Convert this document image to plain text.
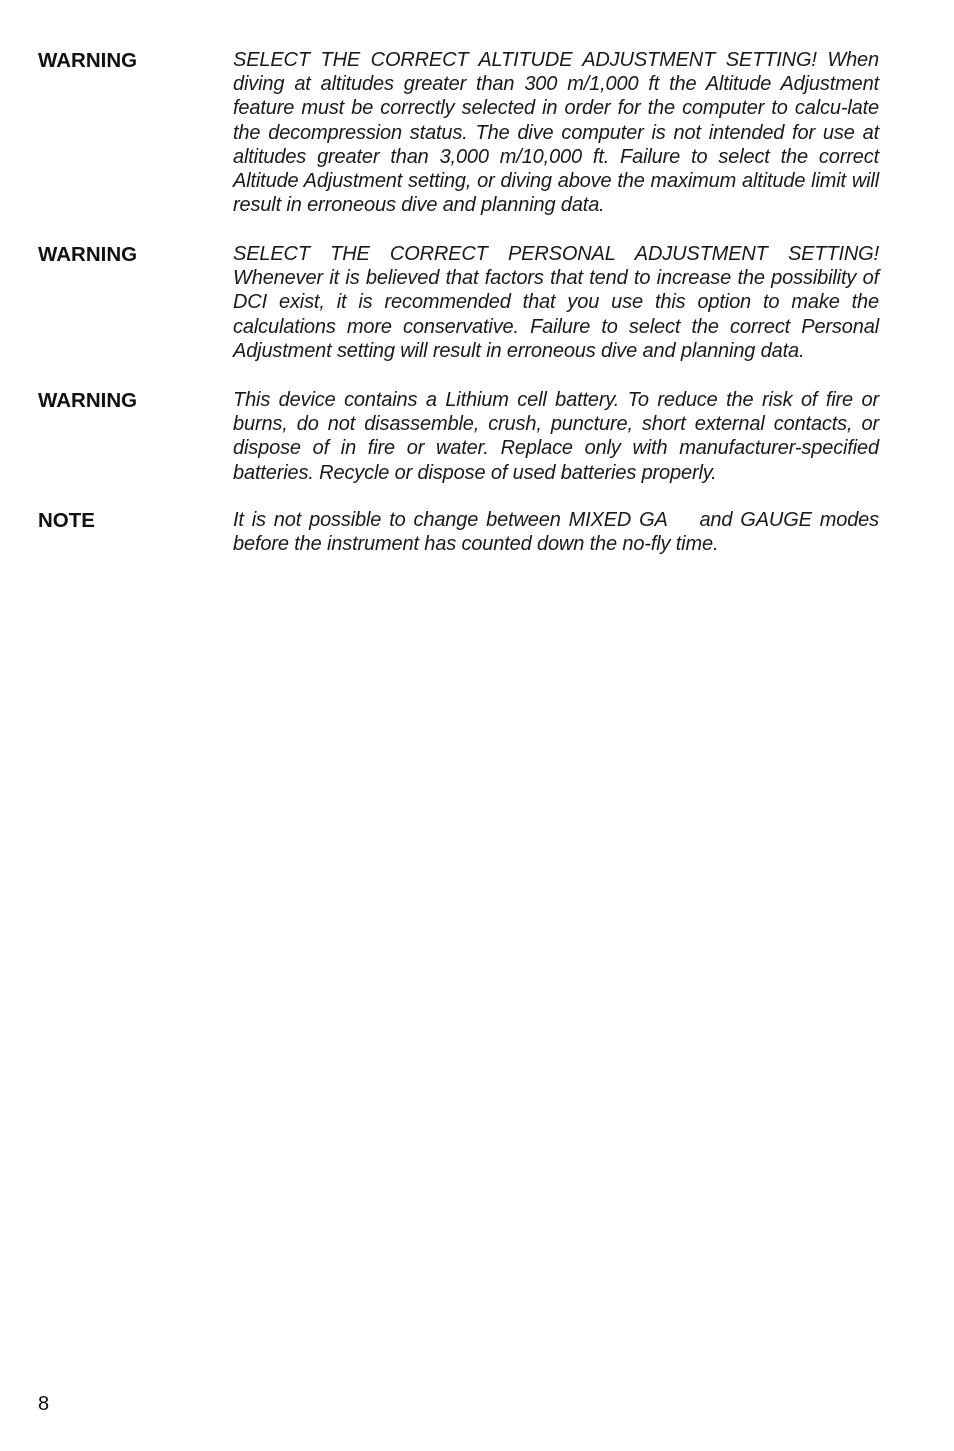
WARNING	SELECT THE CORRECT ALTITUDE ADJUSTMENT SETTING! When diving at altitudes greater than 300 m/1,000 ft the Altitude Adjustment feature must be correctly selected in order for the computer to calcu-late the decompression status. The dive computer is not intended for use at altitudes greater than 3,000 m/10,000 ft. Failure to select the correct Altitude Adjustment setting, or diving above the maximum altitude limit will result in erroneous dive and planning data.
WARNING	SELECT THE CORRECT PERSONAL ADJUSTMENT SETTING! Whenever it is believed that factors that tend to increase the possibility of DCI exist, it is recommended that you use this option to make the calculations more conservative. Failure to select the correct Personal Adjustment setting will result in erroneous dive and planning data.
WARNING	This device contains a Lithium cell battery. To reduce the risk of fire or burns, do not disassemble, crush, puncture, short external contacts, or dispose of in fire or water. Replace only with manufacturer-specified batteries. Recycle or dispose of used batteries properly.
NOTE	It is not possible to change between MIXED GA    and GAUGE modes before the instrument has counted down the no-fly time.
8
